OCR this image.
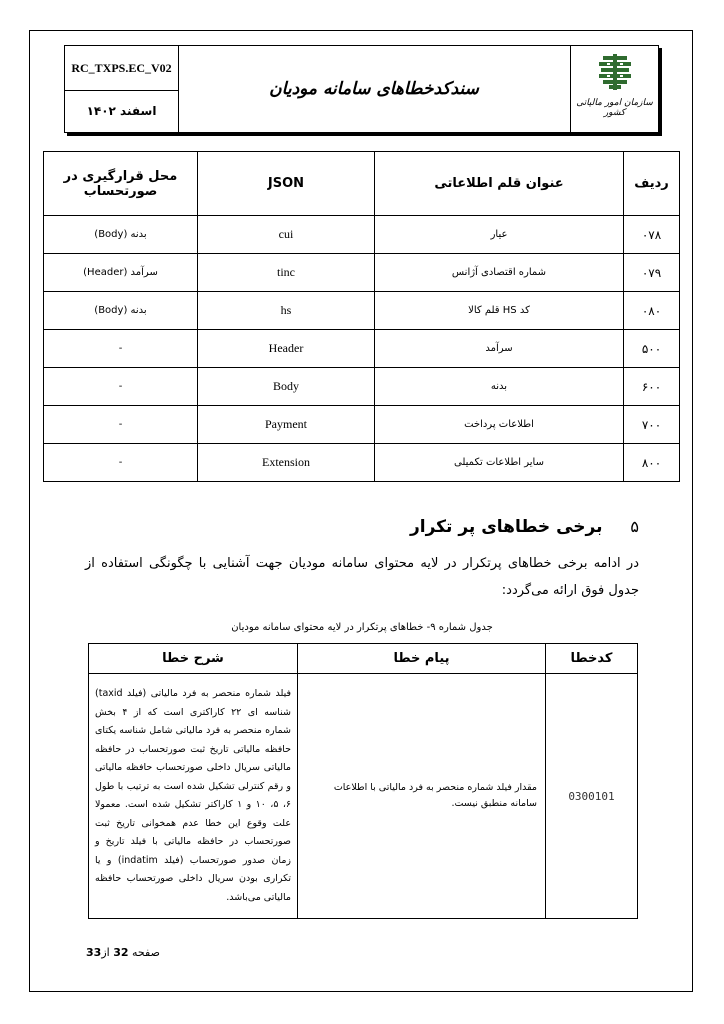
RC_TXPS.EC_V02
اسفند ۱۴۰۲
سندکدخطاهای سامانه مودیان
سازمان امور مالیاتی کشور
ردیف	عنوان قلم اطلاعاتی	JSON	محل قرارگیری در صورتحساب
۰۷۸	عیار	cui	بدنه (Body)
۰۷۹	شماره اقتصادی آژانس	tinc	سرآمد (Header)
۰۸۰	کد HS قلم کالا	hs	بدنه (Body)
۵۰۰	سرآمد	Header	-
۶۰۰	بدنه	Body	-
۷۰۰	اطلاعات پرداخت	Payment	-
۸۰۰	سایر اطلاعات تکمیلی	Extension	-
۵ برخی خطاهای پر تکرار
در ادامه برخی خطاهای پرتکرار در لایه محتوای سامانه مودیان جهت آشنایی با چگونگی استفاده از جدول فوق ارائه می‌گردد:
جدول شماره ۹- خطاهای پرتکرار در لایه محتوای سامانه مودیان
کدخطا	پیام خطا	شرح خطا
0300101	مقدار فیلد شماره منحصر به فرد مالیاتی با اطلاعات سامانه منطبق نیست.	فیلد شماره منحصر به فرد مالیاتی (فیلد taxid) شناسه ای ۲۲ کاراکتری است که از ۴ بخش شماره منحصر به فرد مالیاتی شامل شناسه یکتای حافظه مالیاتی تاریخ ثبت صورتحساب در حافظه مالیاتی سریال داخلی صورتحساب حافظه مالیاتی و رقم کنترلی تشکیل شده است به ترتیب با طول ۶، ۵، ۱۰ و ۱ کاراکتر تشکیل شده است. معمولا علت وقوع این خطا عدم همخوانی تاریخ ثبت صورتحساب در حافظه مالیاتی با فیلد تاریخ و زمان صدور صورتحساب (فیلد indatim) و یا تکراری بودن سریال داخلی صورتحساب حافظه مالیاتی می‌باشد.
صفحه 32 از33
